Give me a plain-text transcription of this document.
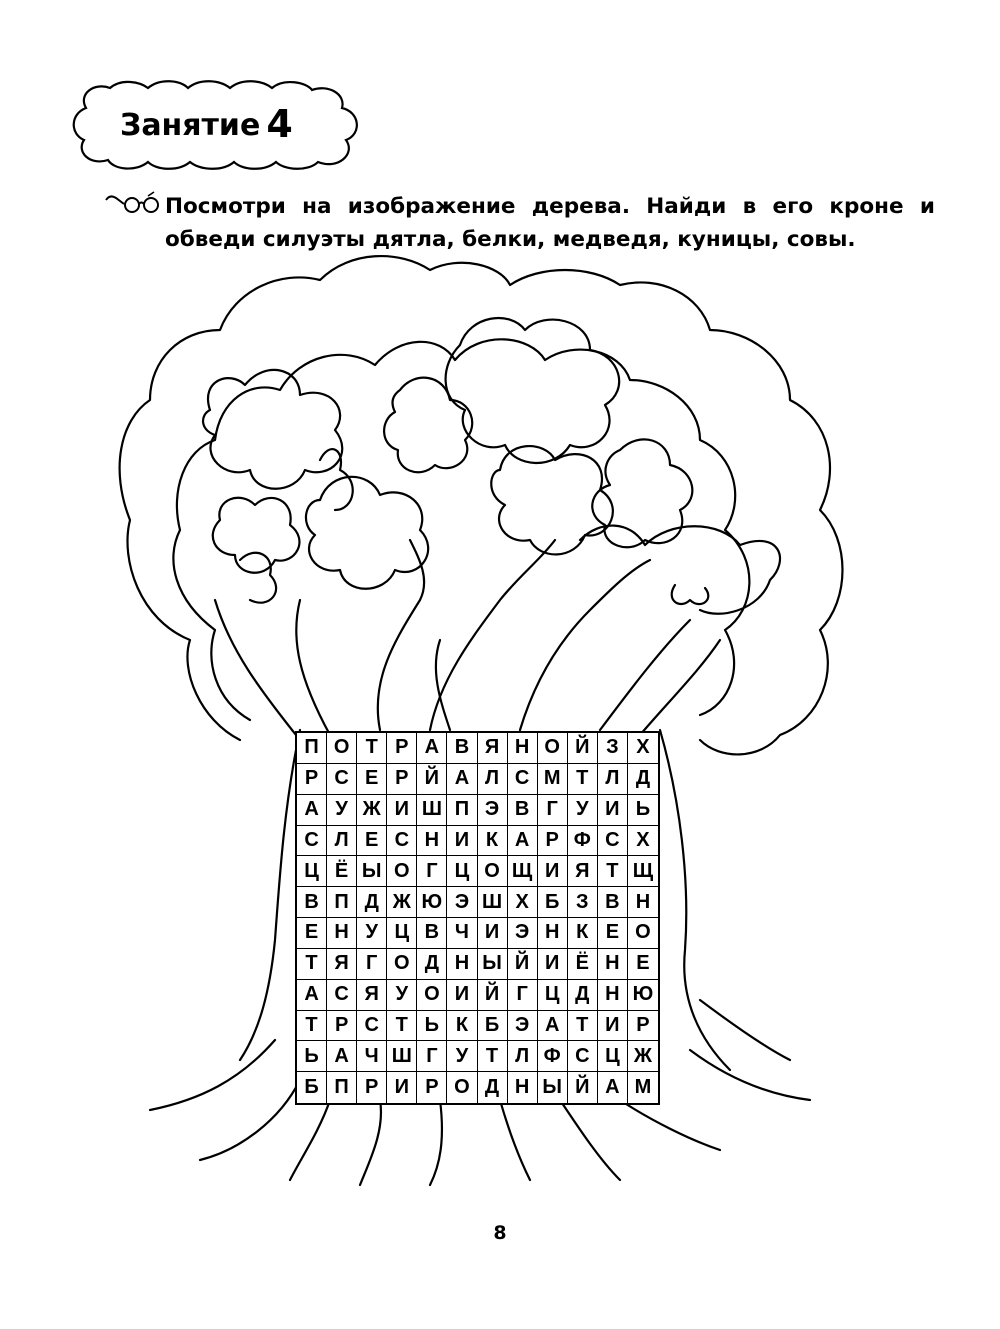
Занятие 4
Посмотри на изображение дерева. Найди в его кроне и обведи силуэты дятла, белки, медведя, куницы, совы.
П О Т Р А В Я Н О Й З Х
Р С Е Р Й А Л С М Т Л Д
А У Ж И Ш П Э В Г У И Ь
С Л Е С Н И К А Р Ф С Х
Ц Ё Ы О Г Ц О Щ И Я Т Щ
В П Д Ж Ю Э Ш Х Б З В Н
Е Н У Ц В Ч И Э Н К Е О
Т Я Г О Д Н Ы Й И Ё Н Е
А С Я У О И Й Г Ц Д Н Ю
Т Р С Т Ь К Б Э А Т И Р
Ь А Ч Ш Г У Т Л Ф С Ц Ж
Б П Р И Р О Д Н Ы Й А М
8
